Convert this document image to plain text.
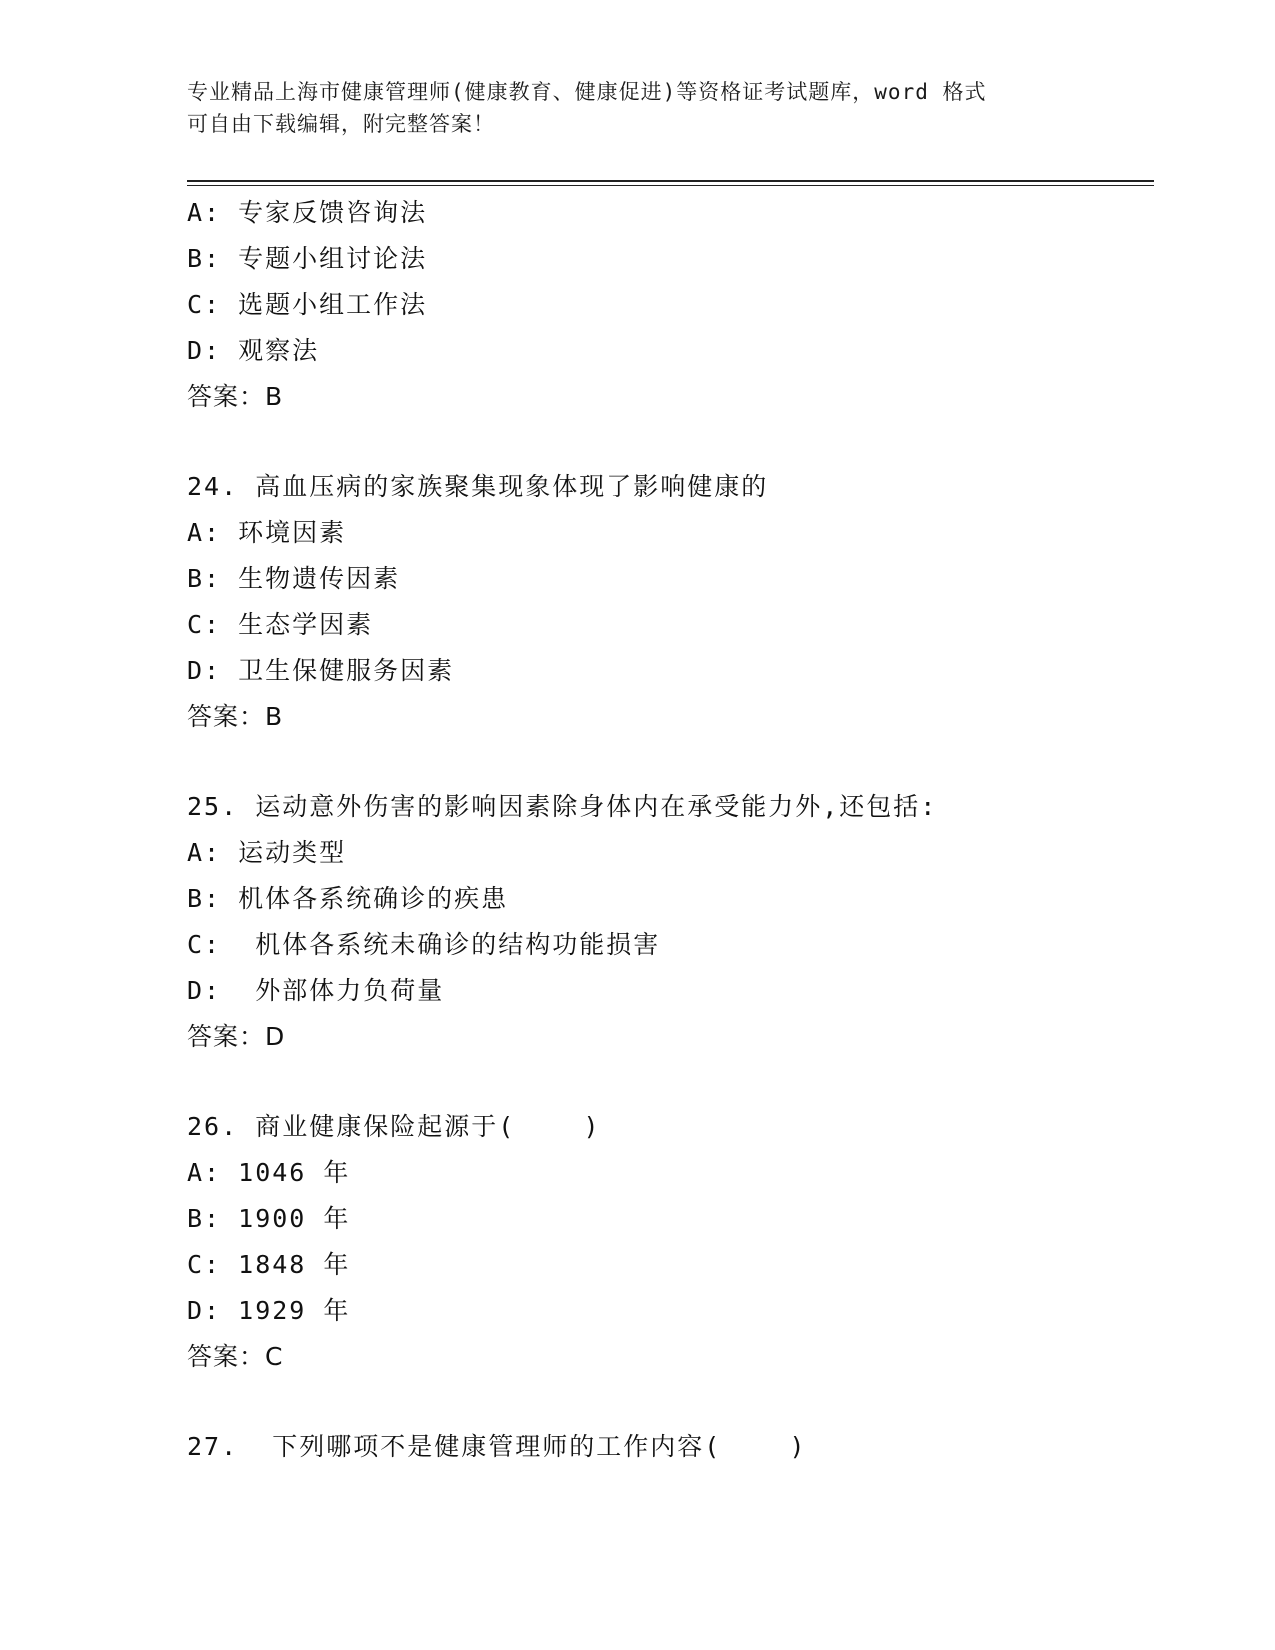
专业精品上海市健康管理师(健康教育、健康促进)等资格证考试题库，word 格式
可自由下载编辑，附完整答案！
A: 专家反馈咨询法
B: 专题小组讨论法
C: 选题小组工作法
D: 观察法
答案：B
24. 高血压病的家族聚集现象体现了影响健康的
A: 环境因素
B: 生物遗传因素
C: 生态学因素
D: 卫生保健服务因素
答案：B
25. 运动意外伤害的影响因素除身体内在承受能力外,还包括:
A: 运动类型
B: 机体各系统确诊的疾患
C:  机体各系统未确诊的结构功能损害
D:  外部体力负荷量
答案：D
26. 商业健康保险起源于(    )
A: 1046 年
B: 1900 年
C: 1848 年
D: 1929 年
答案：C
27.  下列哪项不是健康管理师的工作内容(    )
